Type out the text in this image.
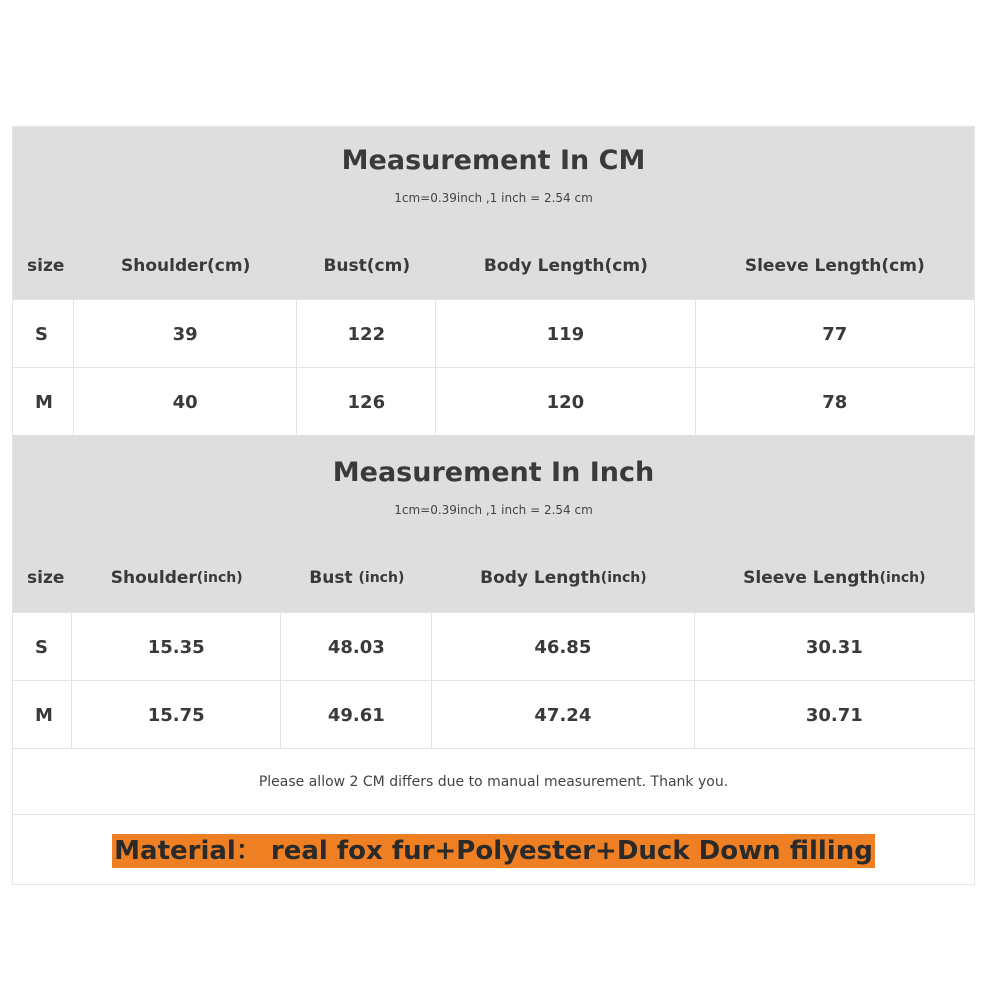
Measurement In CM
1cm=0.39inch ,1 inch = 2.54 cm
size	Shoulder(cm)	Bust(cm)	Body Length(cm)	Sleeve Length(cm)
S	39	122	119	77
M	40	126	120	78
Measurement In Inch
1cm=0.39inch ,1 inch = 2.54 cm
size	Shoulder (inch)	Bust (inch)	Body Length (inch)	Sleeve Length (inch)
S	15.35	48.03	46.85	30.31
M	15.75	49.61	47.24	30.71
Please allow 2 CM differs due to manual measurement. Thank you.
Material： real fox fur+Polyester+Duck Down filling
